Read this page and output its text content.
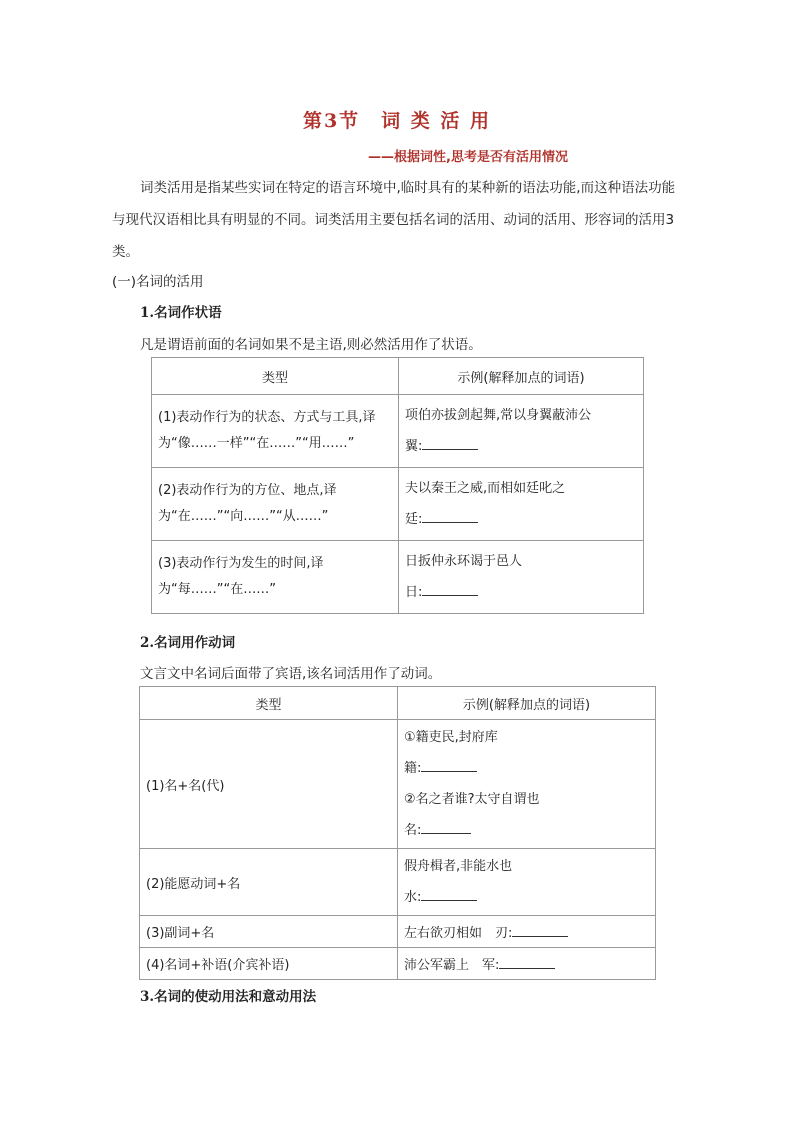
第3节　词 类 活 用
——根据词性,思考是否有活用情况

词类活用是指某些实词在特定的语言环境中,临时具有的某种新的语法功能,而这种语法功能与现代汉语相比具有明显的不同。词类活用主要包括名词的活用、动词的活用、形容词的活用3类。

(一)名词的活用
1.名词作状语
凡是谓语前面的名词如果不是主语,则必然活用作了状语。
类型	示例(解释加点的词语)
(1)表动作行为的状态、方式与工具,译为“像……一样”“在……”“用……”	项伯亦拔剑起舞,常以身翼蔽沛公
翼:

(2)表动作行为的方位、地点,译为“在……”“向……”“从……”	夫以秦王之威,而相如廷叱之
廷:

(3)表动作行为发生的时间,译为“每……”“在……”	日扳仲永环谒于邑人
日:
2.名词用作动词
文言文中名词后面带了宾语,该名词活用作了动词。
类型	示例(解释加点的词语)
(1)名+名(代)	①籍吏民,封府库
籍:
②名之者谁?太守自谓也
名:

(2)能愿动词+名	假舟楫者,非能水也
水:

(3)副词+名	左右欲刃相如　刃:
(4)名词+补语(介宾补语)	沛公军霸上　军:
3.名词的使动用法和意动用法
